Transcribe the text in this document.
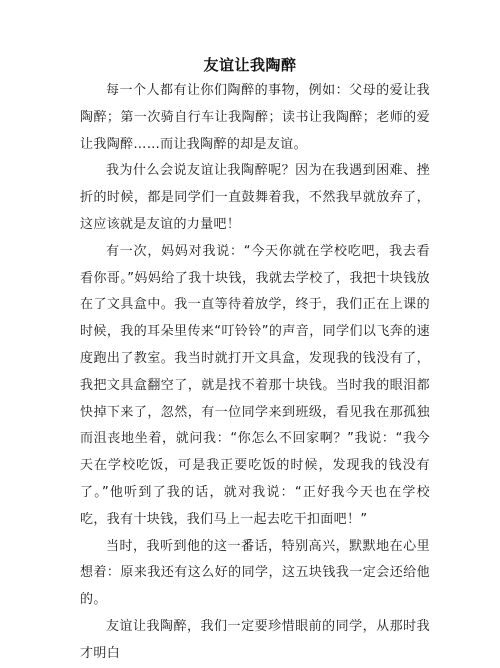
友谊让我陶醉

每一个人都有让你们陶醉的事物，例如：父母的爱让我陶醉；第一次骑自行车让我陶醉；读书让我陶醉；老师的爱让我陶醉……而让我陶醉的却是友谊。

我为什么会说友谊让我陶醉呢？因为在我遇到困难、挫折的时候，都是同学们一直鼓舞着我，不然我早就放弃了，这应该就是友谊的力量吧！

有一次，妈妈对我说：“今天你就在学校吃吧，我去看看你哥。”妈妈给了我十块钱，我就去学校了，我把十块钱放在了文具盒中。我一直等待着放学，终于，我们正在上课的时候，我的耳朵里传来“叮铃铃”的声音，同学们以飞奔的速度跑出了教室。我当时就打开文具盒，发现我的钱没有了，我把文具盒翻空了，就是找不着那十块钱。当时我的眼泪都快掉下来了，忽然，有一位同学来到班级，看见我在那孤独而沮丧地坐着，就问我：“你怎么不回家啊？”我说：“我今天在学校吃饭，可是我正要吃饭的时候，发现我的钱没有了。”他听到了我的话，就对我说：“正好我今天也在学校吃，我有十块钱，我们马上一起去吃干扣面吧！”

当时，我听到他的这一番话，特别高兴，默默地在心里想着：原来我还有这么好的同学，这五块钱我一定会还给他的。

友谊让我陶醉，我们一定要珍惜眼前的同学，从那时我才明白
